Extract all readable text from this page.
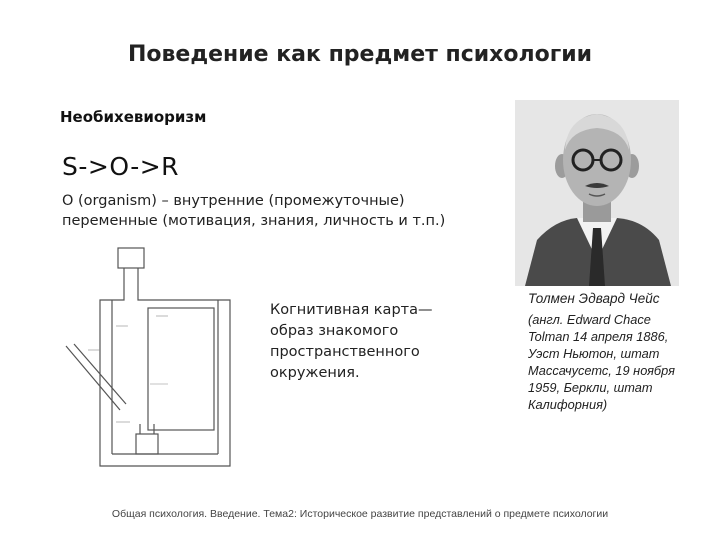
Поведение как предмет психологии
Необихевиоризм
S->O->R
O (organism) – внутренние (промежуточные) переменные (мотивация, знания, личность и т.п.)
Когнитивная карта— образ знакомого пространственного окружения.
Толмен Эдвард Чейс
(англ. Edward Chace Tolman 14 апреля 1886, Уэст Ньютон, штат Массачусетс, 19 ноября 1959, Беркли, штат Калифорния)
Общая психология. Введение. Тема2: Историческое развитие представлений о предмете психологии
